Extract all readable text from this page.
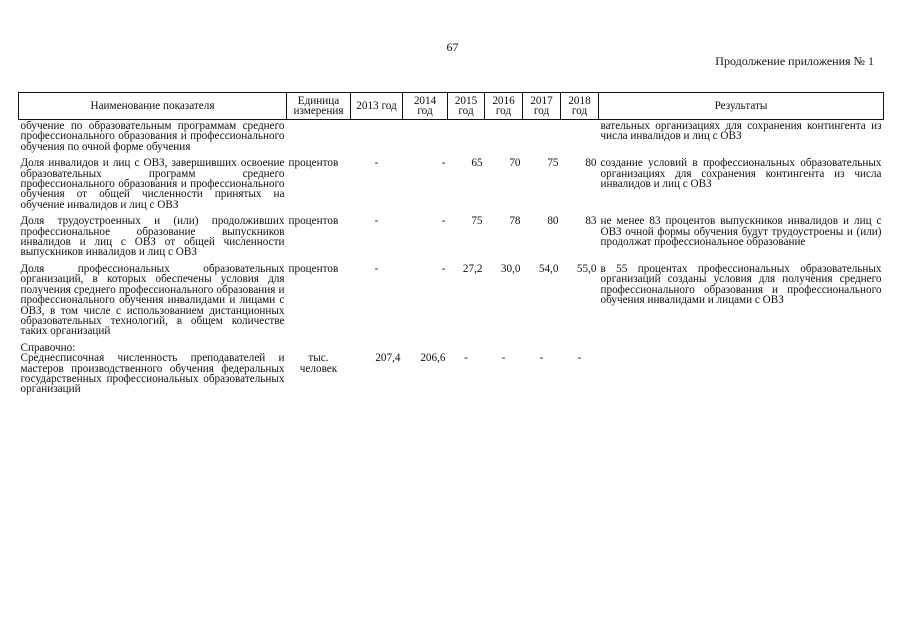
67
Продолжение приложения № 1
Наименование показателя	Единица измерения	2013 год	2014 год	2015 год	2016 год	2017 год	2018 год	Результаты
обучение по образовательным программам среднего профессионального образования и профессионального обучения по очной форме обучения								вательных организациях для сохранения контингента из числа инвалидов и лиц с ОВЗ

Доля инвалидов и лиц с ОВЗ, завершивших освоение образовательных программ среднего профессионального образования и профессионального обучения от общей численности принятых на обучение инвалидов и лиц с ОВЗ	процентов	-	-	65	70	75	80	создание условий в профессиональных образовательных организациях для сохранения контингента из числа инвалидов и лиц с ОВЗ

Доля трудоустроенных и (или) продолживших профессиональное образование выпускников инвалидов и лиц с ОВЗ от общей численности выпускников инвалидов и лиц с ОВЗ	процентов	-	-	75	78	80	83	не менее 83 процентов выпускников инвалидов и лиц с ОВЗ очной формы обучения будут трудоустроены и (или) продолжат профессиональное образование

Доля профессиональных образовательных организаций, в которых обеспечены условия для получения среднего профессионального образования и профессионального обучения инвалидами и лицами с ОВЗ, в том числе с использованием дистанционных образовательных технологий, в общем количестве таких организаций	процентов	-	-	27,2	30,0	54,0	55,0	в 55 процентах профессиональных образовательных организаций созданы условия для получения среднего профессионального образования и профессионального обучения инвалидами и лицами с ОВЗ

Справочно:								
Среднесписочная численность преподавателей и мастеров производственного обучения федеральных государственных профессиональных образовательных организаций	тыс. человек	207,4	206,6	-	-	-	-	
